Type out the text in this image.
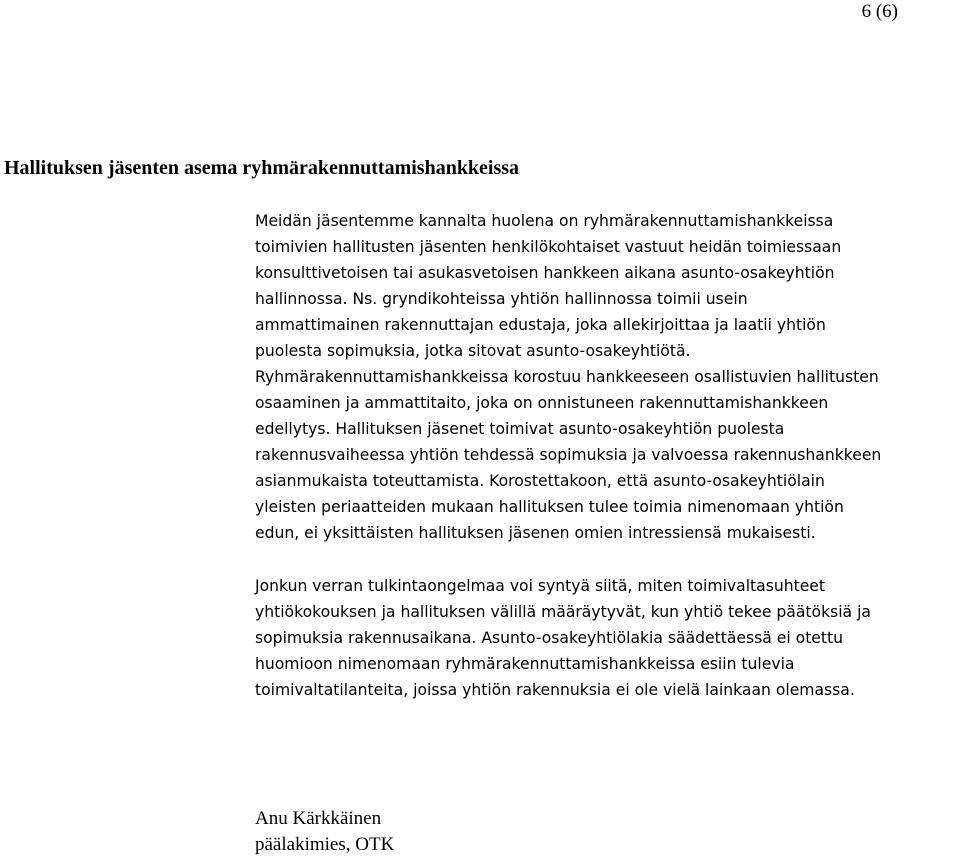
6 (6)
Hallituksen jäsenten asema ryhmärakennuttamishankkeissa
Meidän jäsentemme kannalta huolena on ryhmärakennuttamishankkeissa
toimivien hallitusten jäsenten henkilökohtaiset vastuut heidän toimiessaan
konsulttivetoisen tai asukasvetoisen hankkeen aikana asunto-osakeyhtiön
hallinnossa. Ns. gryndikohteissa yhtiön hallinnossa toimii usein
ammattimainen rakennuttajan edustaja, joka allekirjoittaa ja laatii yhtiön
puolesta sopimuksia, jotka sitovat asunto-osakeyhtiötä.
Ryhmärakennuttamishankkeissa korostuu hankkeeseen osallistuvien hallitusten
osaaminen ja ammattitaito, joka on onnistuneen rakennuttamishankkeen
edellytys. Hallituksen jäsenet toimivat asunto-osakeyhtiön puolesta
rakennusvaiheessa yhtiön tehdessä sopimuksia ja valvoessa rakennushankkeen
asianmukaista toteuttamista. Korostettakoon, että asunto-osakeyhtiölain
yleisten periaatteiden mukaan hallituksen tulee toimia nimenomaan yhtiön
edun, ei yksittäisten hallituksen jäsenen omien intressiensä mukaisesti.
Jonkun verran tulkintaongelmaa voi syntyä siitä, miten toimivaltasuhteet
yhtiökokouksen ja hallituksen välillä määräytyvät, kun yhtiö tekee päätöksiä ja
sopimuksia rakennusaikana. Asunto-osakeyhtiölakia säädettäessä ei otettu
huomioon nimenomaan ryhmärakennuttamishankkeissa esiin tulevia
toimivaltatilanteita, joissa yhtiön rakennuksia ei ole vielä lainkaan olemassa.
Anu Kärkkäinen
päälakimies, OTK
